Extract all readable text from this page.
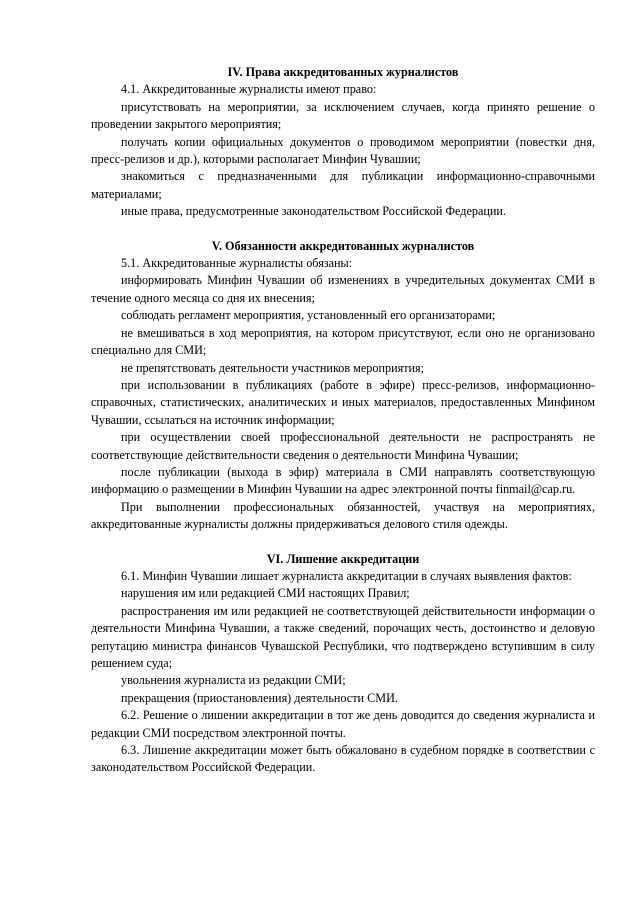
IV. Права аккредитованных журналистов

4.1. Аккредитованные журналисты имеют право:

присутствовать на мероприятии, за исключением случаев, когда принято решение о проведении закрытого мероприятия;

получать копии официальных документов о проводимом мероприятии (повестки дня, пресс-релизов и др.), которыми располагает Минфин Чувашии;

знакомиться с предназначенными для публикации информационно-справочными материалами;

иные права, предусмотренные законодательством Российской Федерации.

V. Обязанности аккредитованных журналистов

5.1. Аккредитованные журналисты обязаны:

информировать Минфин Чувашии об изменениях в учредительных документах СМИ в течение одного месяца со дня их внесения;

соблюдать регламент мероприятия, установленный его организаторами;

не вмешиваться в ход мероприятия, на котором присутствуют, если оно не организовано специально для СМИ;

не препятствовать деятельности участников мероприятия;

при использовании в публикациях (работе в эфире) пресс-релизов, информационно-справочных, статистических, аналитических и иных материалов, предоставленных Минфином Чувашии, ссылаться на источник информации;

при осуществлении своей профессиональной деятельности не распространять не соответствующие действительности сведения о деятельности Минфина Чувашии;

после публикации (выхода в эфир) материала в СМИ направлять соответствующую информацию о размещении в Минфин Чувашии на адрес электронной почты finmail@cap.ru.

При выполнении профессиональных обязанностей, участвуя на мероприятиях, аккредитованные журналисты должны придерживаться делового стиля одежды.

VI. Лишение аккредитации

6.1. Минфин Чувашии лишает журналиста аккредитации в случаях выявления фактов:

нарушения им или редакцией СМИ настоящих Правил;

распространения им или редакцией не соответствующей действительности информации о деятельности Минфина Чувашии, а также сведений, порочащих честь, достоинство и деловую репутацию министра финансов Чувашской Республики, что подтверждено вступившим в силу решением суда;

увольнения журналиста из редакции СМИ;

прекращения (приостановления) деятельности СМИ.

6.2. Решение о лишении аккредитации в тот же день доводится до сведения журналиста и редакции СМИ посредством электронной почты.

6.3. Лишение аккредитации может быть обжаловано в судебном порядке в соответствии с законодательством Российской Федерации.
